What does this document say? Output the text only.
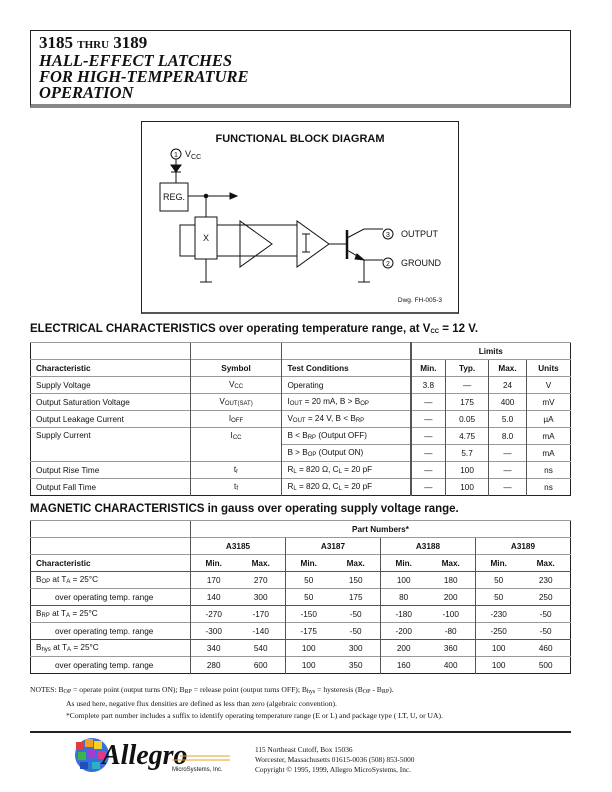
3185 THRU 3189
HALL-EFFECT LATCHES
FOR HIGH-TEMPERATURE
OPERATION
FUNCTIONAL BLOCK DIAGRAM
1 $V_{CC}$
REG.
X	3 OUTPUT
2 GROUND
Dwg. FH-005-3
ELECTRICAL CHARACTERISTICS over operating temperature range, at $V_{CC} = 12$ V.
			Limits			
Characteristic	Symbol	Test Conditions	Min.	Typ.	Max.	Units
Supply Voltage	$V_{CC}$	Operating	3.8	—	24	V
Output Saturation Voltage	$V_{OUT(SAT)}$	$I_{OUT} = 20$ mA, $B > B_{OP}$	—	175	400	mV
Output Leakage Current	$I_{OFF}$	$V_{OUT} = 24$ V, $B < B_{RP}$	—	0.05	5.0	µA
Supply Current	$I_{CC}$	$B < B_{RP}$ (Output OFF)	—	4.75	8.0	mA
		$B > B_{OP}$ (Output ON)	—	5.7	—	mA
Output Rise Time	$t_r$	$R_L = 820$ Ω, $C_L = 20$ pF	—	100	—	ns
Output Fall Time	$t_f$	$R_L = 820$ Ω, $C_L = 20$ pF	—	100	—	ns
MAGNETIC CHARACTERISTICS in gauss over operating supply voltage range.
	Part Numbers*							
	A3185		A3187		A3188		A3189	
Characteristic	Min.	Max.	Min.	Max.	Min.	Max.	Min.	Max.
$B_{OP}$ at $T_A = 25^\circ C$	170	270	50	150	100	180	50	230
over operating temp. range	140	300	50	175	80	200	50	250
$B_{RP}$ at $T_A = 25^\circ C$	-270	-170	-150	-50	-180	-100	-230	-50
over operating temp. range	-300	-140	-175	-50	-200	-80	-250	-50
$B_{hys}$ at $T_A = 25^\circ C$	340	540	100	300	200	360	100	460
over operating temp. range	280	600	100	350	160	400	100	500
NOTES: $B_{OP}$ = operate point (output turns ON); $B_{RP}$ = release point (output turns OFF); $B_{hys}$ = hysteresis $(B_{OP} - B_{RP})$.
As used here, negative flux densities are defined as less than zero (algebraic convention).
*Complete part number includes a suffix to identify operating temperature range (E or L) and package type ( LT, U, or UA).
Allegro
MicroSystems, Inc.
115 Northeast Cutoff, Box 15036
Worcester, Massachusetts 01615-0036 (508) 853-5000
Copyright © 1995, 1999, Allegro MicroSystems, Inc.
